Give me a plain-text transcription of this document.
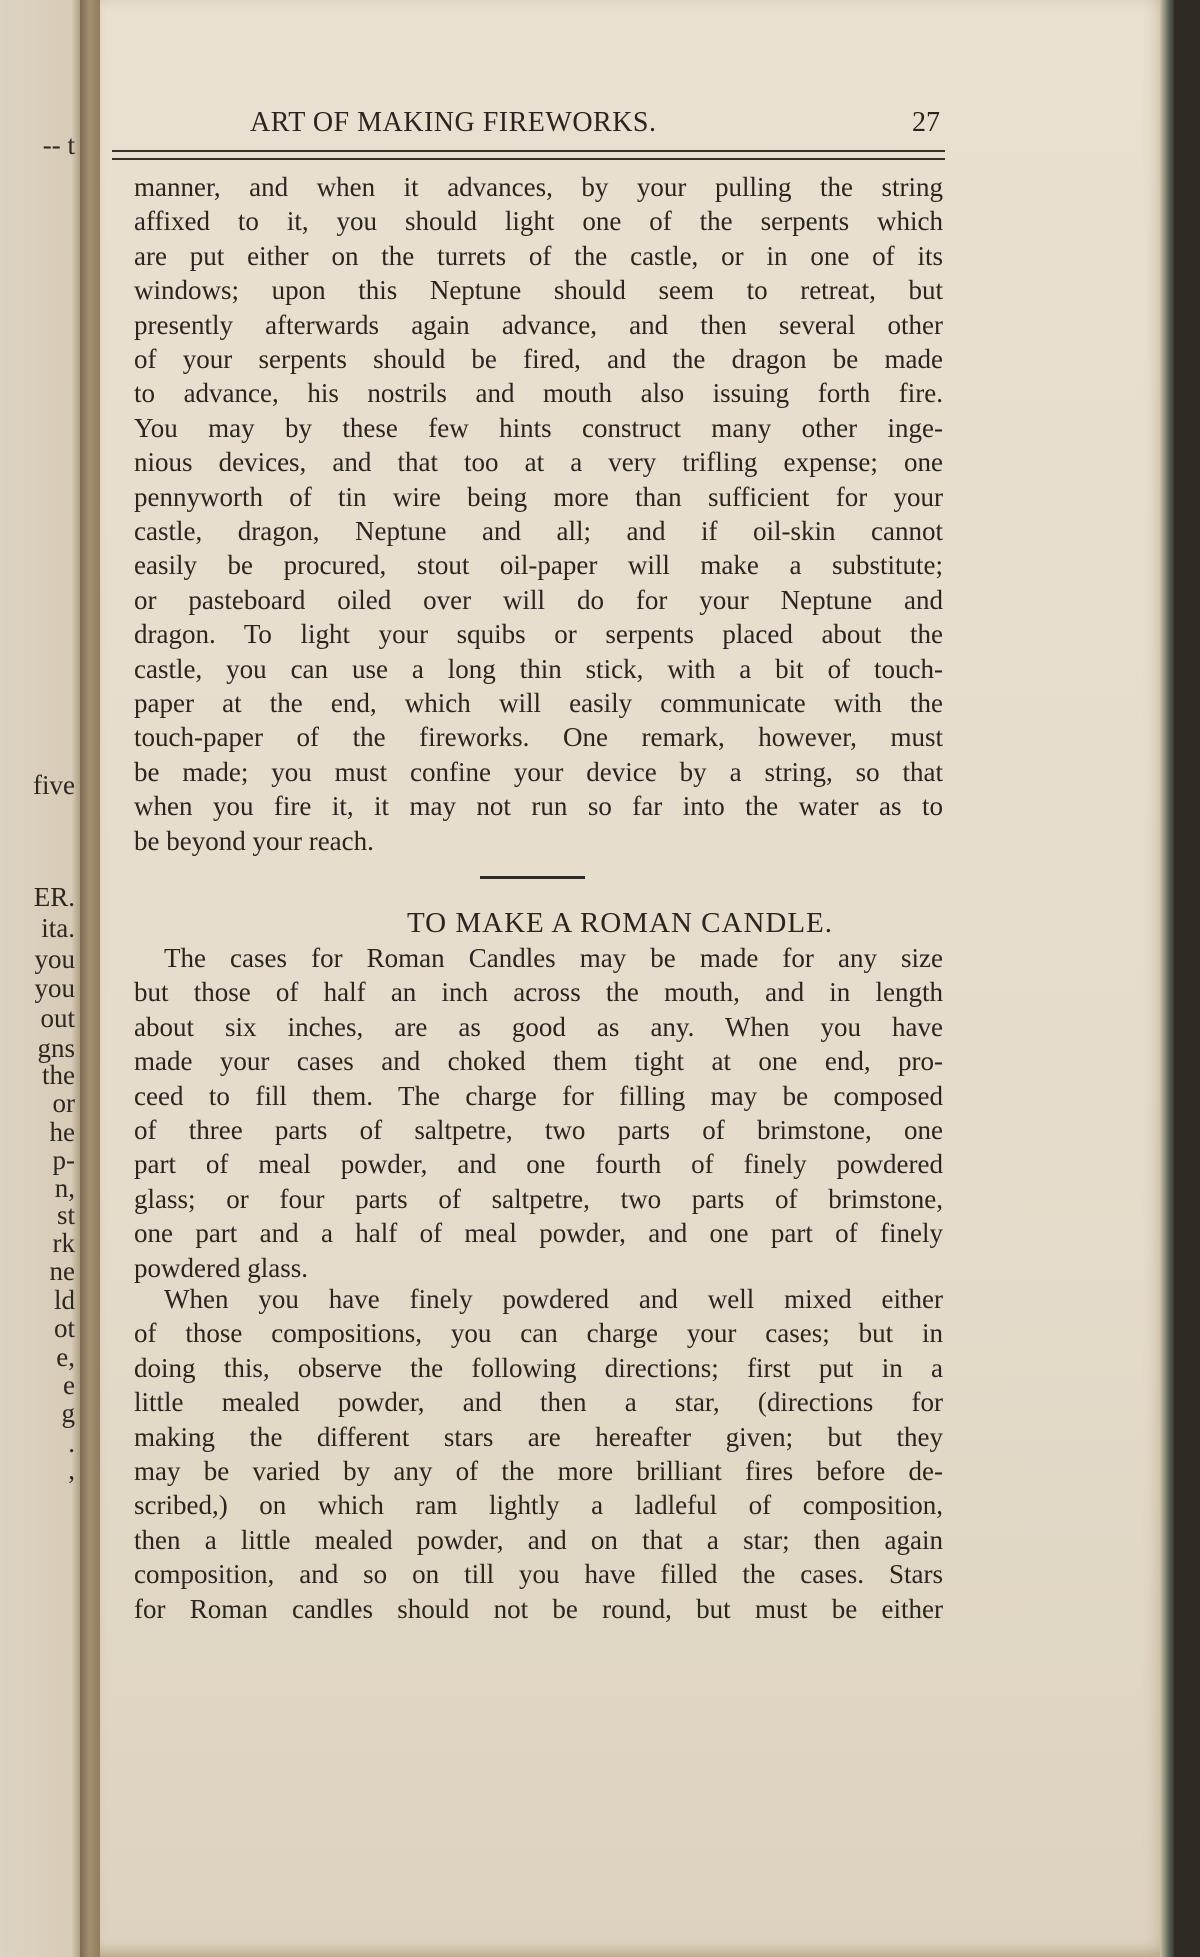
ART OF MAKING FIREWORKS.	27
TO MAKE A ROMAN CANDLE.
manner, and when it advances, by your pulling the string
affixed to it, you should light one of the serpents which
are put either on the turrets of the castle, or in one of its
windows; upon this Neptune should seem to retreat, but
presently afterwards again advance, and then several other
of your serpents should be fired, and the dragon be made
to advance, his nostrils and mouth also issuing forth fire.
You may by these few hints construct many other inge-
nious devices, and that too at a very trifling expense; one
pennyworth of tin wire being more than sufficient for your
castle, dragon, Neptune and all; and if oil-skin cannot
easily be procured, stout oil-paper will make a substitute;
or pasteboard oiled over will do for your Neptune and
dragon. To light your squibs or serpents placed about the
castle, you can use a long thin stick, with a bit of touch-
paper at the end, which will easily communicate with the
touch-paper of the fireworks. One remark, however, must
be made; you must confine your device by a string, so that
when you fire it, it may not run so far into the water as to
be beyond your reach.
The cases for Roman Candles may be made for any size
but those of half an inch across the mouth, and in length
about six inches, are as good as any. When you have
made your cases and choked them tight at one end, pro-
ceed to fill them. The charge for filling may be composed
of three parts of saltpetre, two parts of brimstone, one
part of meal powder, and one fourth of finely powdered
glass; or four parts of saltpetre, two parts of brimstone,
one part and a half of meal powder, and one part of finely
powdered glass.
When you have finely powdered and well mixed either
of those compositions, you can charge your cases; but in
doing this, observe the following directions; first put in a
little mealed powder, and then a star, (directions for
making the different stars are hereafter given; but they
may be varied by any of the more brilliant fires before de-
scribed,) on which ram lightly a ladleful of composition,
then a little mealed powder, and on that a star; then again
composition, and so on till you have filled the cases. Stars
for Roman candles should not be round, but must be either
-- t
five
ER.
ita.
you
you
out
gns
the
or
he
p-
n,
st
rk
ne
ld
ot
e,
e
g
.
,
